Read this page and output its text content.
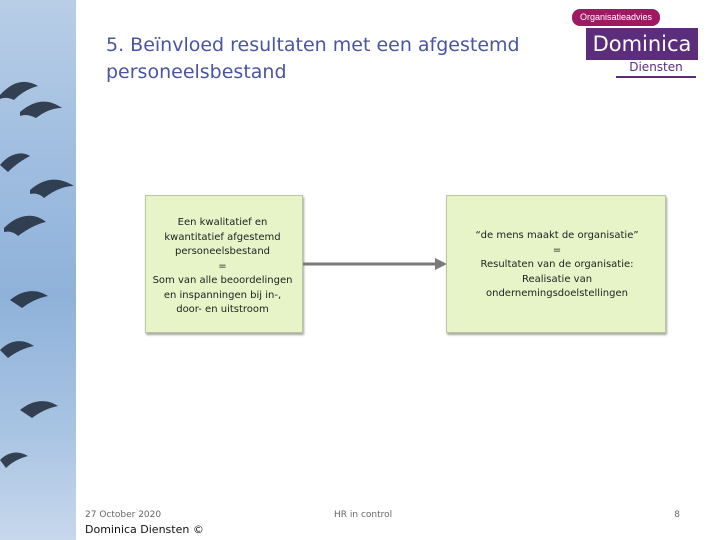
5. Beïnvloed resultaten met een afgestemd personeelsbestand
Organisatieadvies
Dominica
Diensten
Een kwalitatief en
kwantitatief afgestemd
personeelsbestand
=
Som van alle beoordelingen
en inspanningen bij in-,
door- en uitstroom
“de mens maakt de organisatie”
=
Resultaten van de organisatie:
Realisatie van
ondernemingsdoelstellingen
27 October 2020
Dominica Diensten ©
HR in control	8
